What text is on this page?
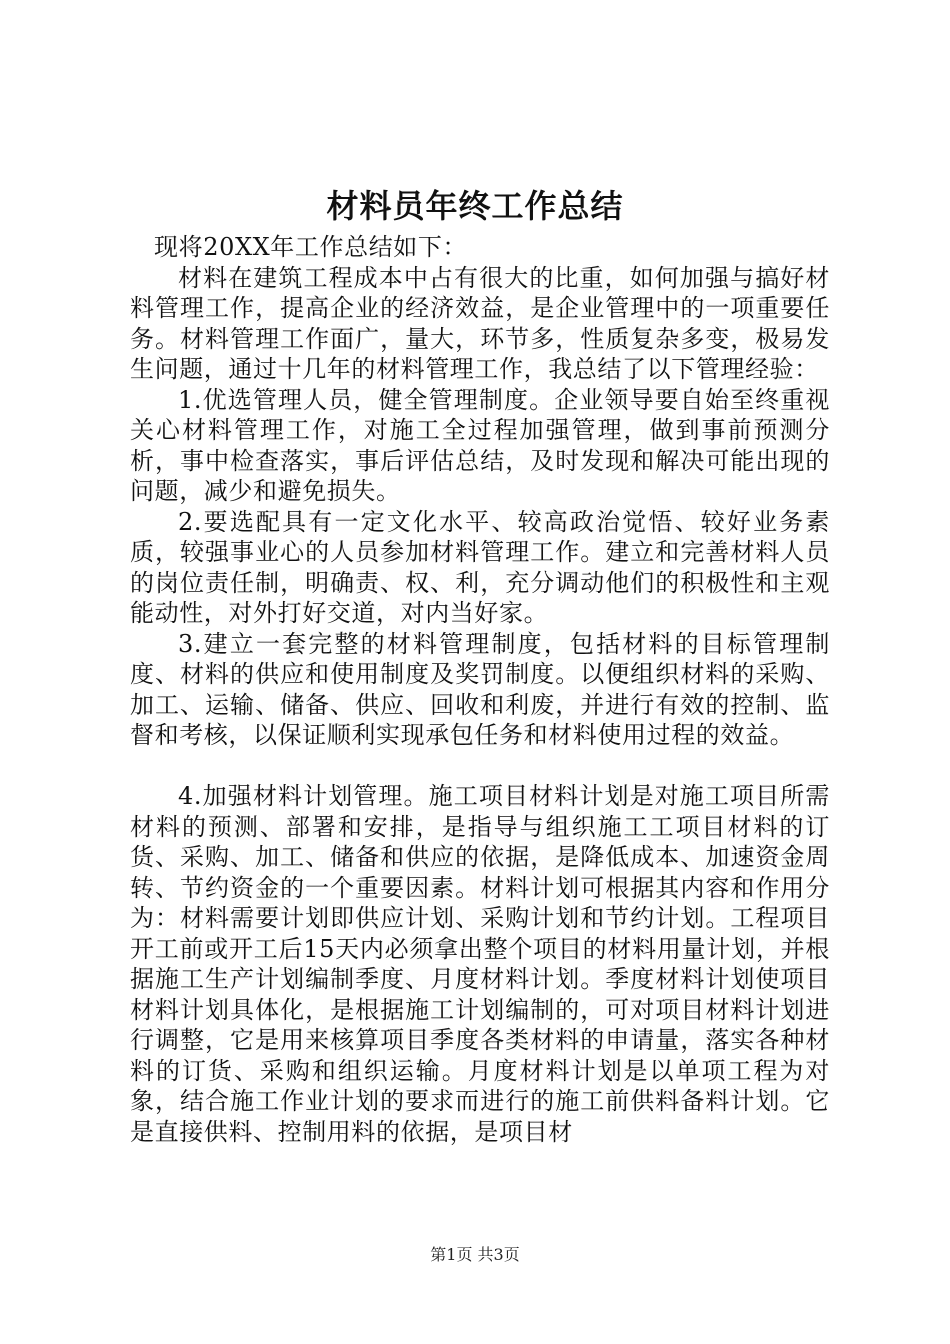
材料员年终工作总结

现将20XX年工作总结如下：

材料在建筑工程成本中占有很大的比重，如何加强与搞好材料管理工作，提高企业的经济效益，是企业管理中的一项重要任务。材料管理工作面广，量大，环节多，性质复杂多变，极易发生问题，通过十几年的材料管理工作，我总结了以下管理经验：

1.优选管理人员，健全管理制度。企业领导要自始至终重视关心材料管理工作，对施工全过程加强管理，做到事前预测分析，事中检查落实，事后评估总结，及时发现和解决可能出现的问题，减少和避免损失。

2.要选配具有一定文化水平、较高政治觉悟、较好业务素质，较强事业心的人员参加材料管理工作。建立和完善材料人员的岗位责任制，明确责、权、利，充分调动他们的积极性和主观能动性，对外打好交道，对内当好家。

3.建立一套完整的材料管理制度，包括材料的目标管理制度、材料的供应和使用制度及奖罚制度。以便组织材料的采购、加工、运输、储备、供应、回收和利废，并进行有效的控制、监督和考核，以保证顺利实现承包任务和材料使用过程的效益。

4.加强材料计划管理。施工项目材料计划是对施工项目所需材料的预测、部署和安排，是指导与组织施工工项目材料的订货、采购、加工、储备和供应的依据，是降低成本、加速资金周转、节约资金的一个重要因素。材料计划可根据其内容和作用分为：材料需要计划即供应计划、采购计划和节约计划。工程项目开工前或开工后15天内必须拿出整个项目的材料用量计划，并根据施工生产计划编制季度、月度材料计划。季度材料计划使项目材料计划具体化，是根据施工计划编制的，可对项目材料计划进行调整，它是用来核算项目季度各类材料的申请量，落实各种材料的订货、采购和组织运输。月度材料计划是以单项工程为对象，结合施工作业计划的要求而进行的施工前供料备料计划。它是直接供料、控制用料的依据，是项目材

第1页 共3页
